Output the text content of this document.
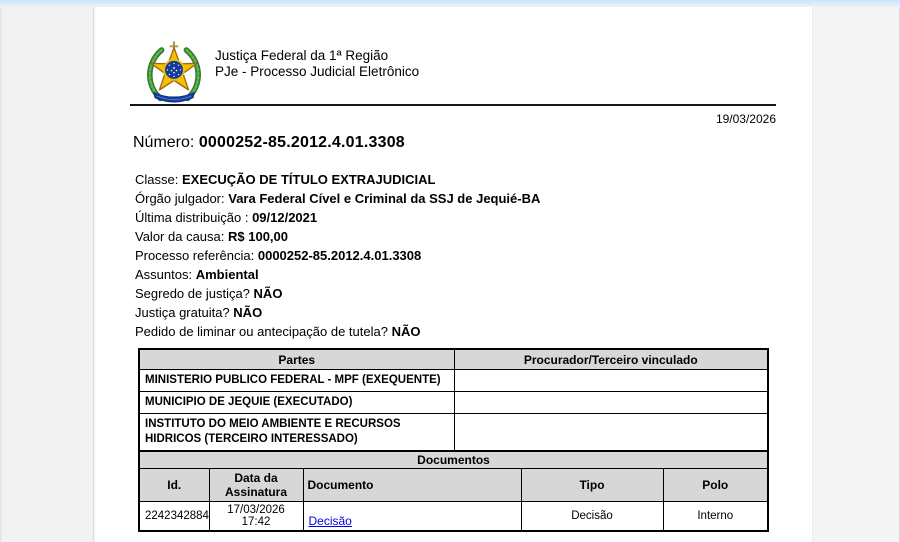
Justiça Federal da 1ª Região
PJe - Processo Judicial Eletrônico
19/03/2026
Número: 0000252-85.2012.4.01.3308
Classe: EXECUÇÃO DE TÍTULO EXTRAJUDICIAL
Órgão julgador: Vara Federal Cível e Criminal da SSJ de Jequié-BA
Última distribuição : 09/12/2021
Valor da causa: R$ 100,00
Processo referência: 0000252-85.2012.4.01.3308
Assuntos: Ambiental
Segredo de justiça? NÃO
Justiça gratuita? NÃO
Pedido de liminar ou antecipação de tutela? NÃO
Partes	Procurador/Terceiro vinculado
MINISTERIO PUBLICO FEDERAL - MPF (EXEQUENTE)	
MUNICIPIO DE JEQUIE (EXECUTADO)	
INSTITUTO DO MEIO AMBIENTE E RECURSOS HIDRICOS (TERCEIRO INTERESSADO)	
Documentos				
Id.	Data da Assinatura	Documento	Tipo	Polo
2242342884	17/03/2026 17:42	Decisão	Decisão	Interno
